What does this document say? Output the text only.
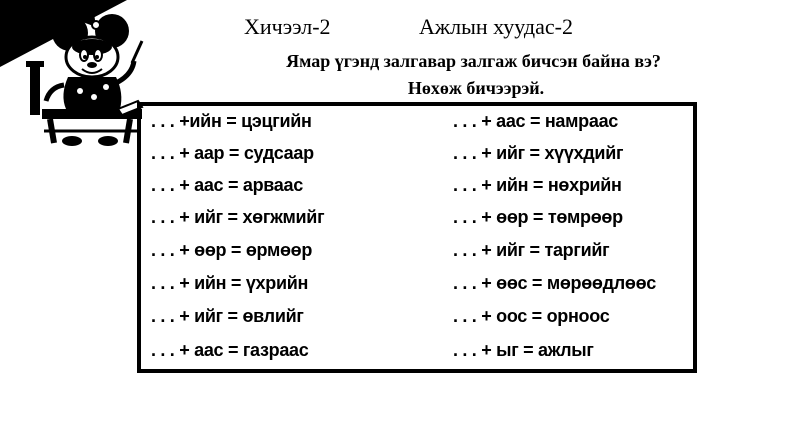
Хичээл-2	Ажлын хуудас-2
Ямар үгэнд залгавар залгаж бичсэн байна вэ?
Нөхөж бичээрэй.
. . . +ийн = цэцгийн	. . . + аас = намраас
. . . + аар = судсаар	. . . + ийг = хүүхдийг
. . . + аас = арваас	. . . + ийн = нөхрийн
. . . + ийг = хөгжмийг	. . . + өөр = төмрөөр
. . . + өөр = өрмөөр	. . . + ийг = таргийг
. . . + ийн = үхрийн	. . . + өөс = мөрөөдлөөс
. . . + ийг = өвлийг	. . . + оос = орноос
. . . + аас = газраас	. . . + ыг = ажлыг
